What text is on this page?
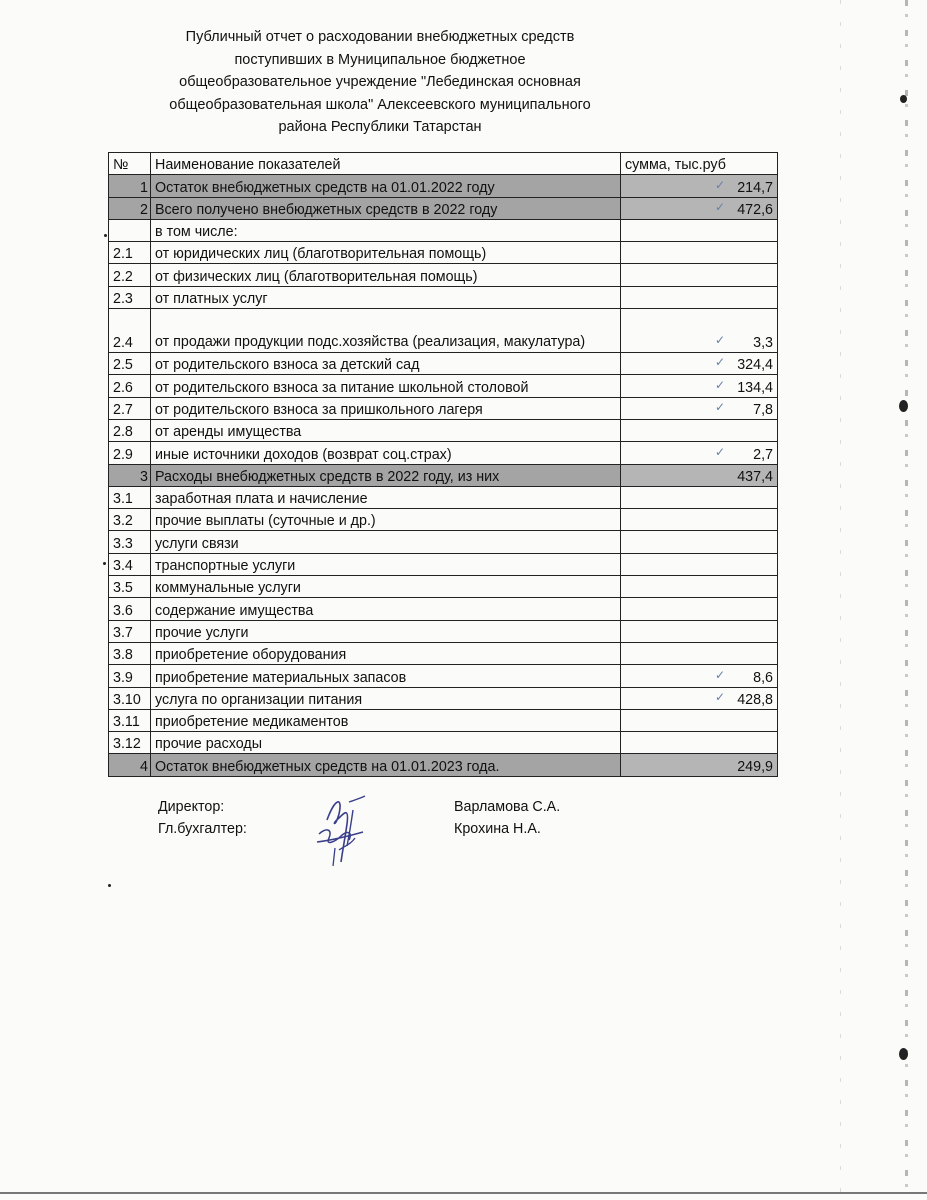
Публичный отчет о расходовании внебюджетных средств
поступивших в Муниципальное бюджетное
общеобразовательное учреждение "Лебединская основная
общеобразовательная школа" Алексеевского муниципального
района Республики Татарстан
№	Наименование показателей	сумма, тыс.руб
1	Остаток внебюджетных средств на 01.01.2022 году	✓ 214,7
2	Всего получено внебюджетных средств в 2022 году	✓ 472,6
	в том числе:	
2.1	от юридических лиц (благотворительная помощь)	
2.2	от физических лиц (благотворительная помощь)	
2.3	от платных услуг	
2.4	от продажи продукции подс.хозяйства (реализация, макулатура)	✓ 3,3
2.5	от родительского взноса за детский сад	✓ 324,4
2.6	от родительского взноса за питание школьной столовой	✓ 134,4
2.7	от родительского взноса за пришкольного лагеря	✓ 7,8
2.8	от аренды имущества	
2.9	иные источники доходов (возврат соц.страх)	✓ 2,7
3	Расходы внебюджетных средств в 2022 году, из них	437,4
3.1	заработная плата и начисление	
3.2	прочие выплаты (суточные и др.)	
3.3	услуги связи	
3.4	транспортные услуги	
3.5	коммунальные услуги	
3.6	содержание имущества	
3.7	прочие услуги	
3.8	приобретение оборудования	
3.9	приобретение материальных запасов	✓ 8,6
3.10	услуга по организации питания	✓ 428,8
3.11	приобретение медикаментов	
3.12	прочие расходы	
4	Остаток внебюджетных средств на 01.01.2023 года.	249,9
Директор:
Гл.бухгалтер:
Варламова С.А.
Крохина Н.А.
